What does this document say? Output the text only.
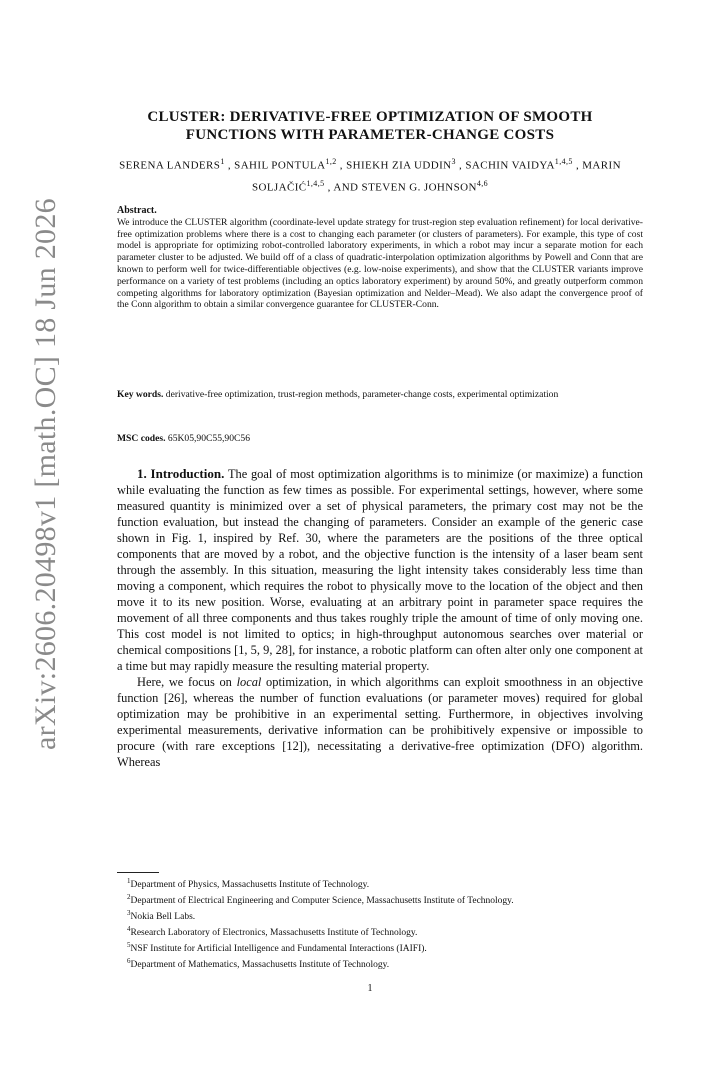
arXiv:2606.20498v1 [math.OC] 18 Jun 2026
CLUSTER: DERIVATIVE-FREE OPTIMIZATION OF SMOOTH FUNCTIONS WITH PARAMETER-CHANGE COSTS
SERENA LANDERS$^1$ , SAHIL PONTULA$^{1,2}$ , SHIEKH ZIA UDDIN$^3$ , SACHIN VAIDYA$^{1,4,5}$ , MARIN SOLJAČIĆ$^{1,4,5}$ , AND STEVEN G. JOHNSON$^{4,6}$
Abstract.

We introduce the CLUSTER algorithm (coordinate-level update strategy for trust-region step evaluation refinement) for local derivative-free optimization problems where there is a cost to changing each parameter (or clusters of parameters). For example, this type of cost model is appropriate for optimizing robot-controlled laboratory experiments, in which a robot may incur a separate motion for each parameter cluster to be adjusted. We build off of a class of quadratic-interpolation optimization algorithms by Powell and Conn that are known to perform well for twice-differentiable objectives (e.g. low-noise experiments), and show that the CLUSTER variants improve performance on a variety of test problems (including an optics laboratory experiment) by around 50%, and greatly outperform common competing algorithms for laboratory optimization (Bayesian optimization and Nelder–Mead). We also adapt the convergence proof of the Conn algorithm to obtain a similar convergence guarantee for CLUSTER-Conn.

Key words. derivative-free optimization, trust-region methods, parameter-change costs, experimental optimization
MSC codes. 65K05,90C55,90C56

1. Introduction. The goal of most optimization algorithms is to minimize (or maximize) a function while evaluating the function as few times as possible. For experimental settings, however, where some measured quantity is minimized over a set of physical parameters, the primary cost may not be the function evaluation, but instead the changing of parameters. Consider an example of the generic case shown in Fig. 1, inspired by Ref. 30, where the parameters are the positions of the three optical components that are moved by a robot, and the objective function is the intensity of a laser beam sent through the assembly. In this situation, measuring the light intensity takes considerably less time than moving a component, which requires the robot to physically move to the location of the object and then move it to its new position. Worse, evaluating at an arbitrary point in parameter space requires the movement of all three components and thus takes roughly triple the amount of time of only moving one. This cost model is not limited to optics; in high-throughput autonomous searches over material or chemical compositions [1, 5, 9, 28], for instance, a robotic platform can often alter only one component at a time but may rapidly measure the resulting material property.

Here, we focus on local optimization, in which algorithms can exploit smoothness in an objective function [26], whereas the number of function evaluations (or parameter moves) required for global optimization may be prohibitive in an experimental setting. Furthermore, in objectives involving experimental measurements, derivative information can be prohibitively expensive or impossible to procure (with rare exceptions [12]), necessitating a derivative-free optimization (DFO) algorithm. Whereas

$^1$Department of Physics, Massachusetts Institute of Technology.

$^2$Department of Electrical Engineering and Computer Science, Massachusetts Institute of Technology.

$^3$Nokia Bell Labs.

$^4$Research Laboratory of Electronics, Massachusetts Institute of Technology.

$^5$NSF Institute for Artificial Intelligence and Fundamental Interactions (IAIFI).

$^6$Department of Mathematics, Massachusetts Institute of Technology.

1
